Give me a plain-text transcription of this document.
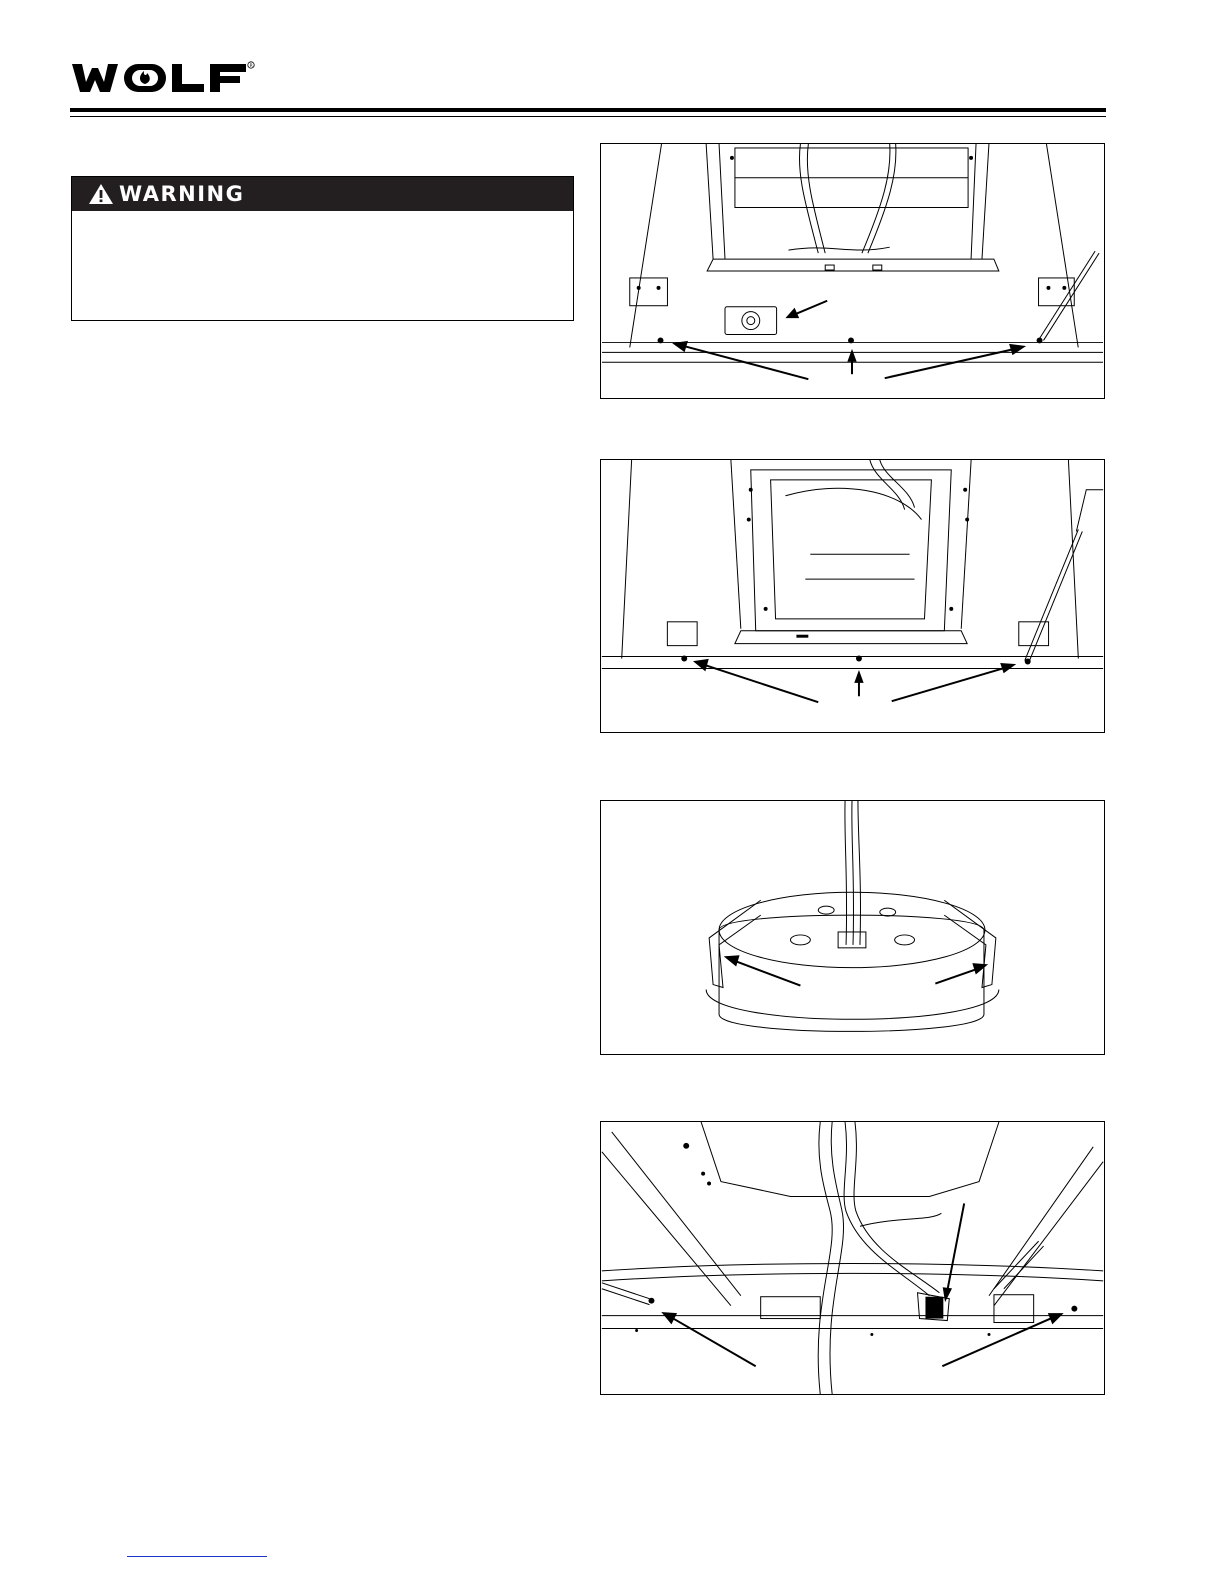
R
WARNING
